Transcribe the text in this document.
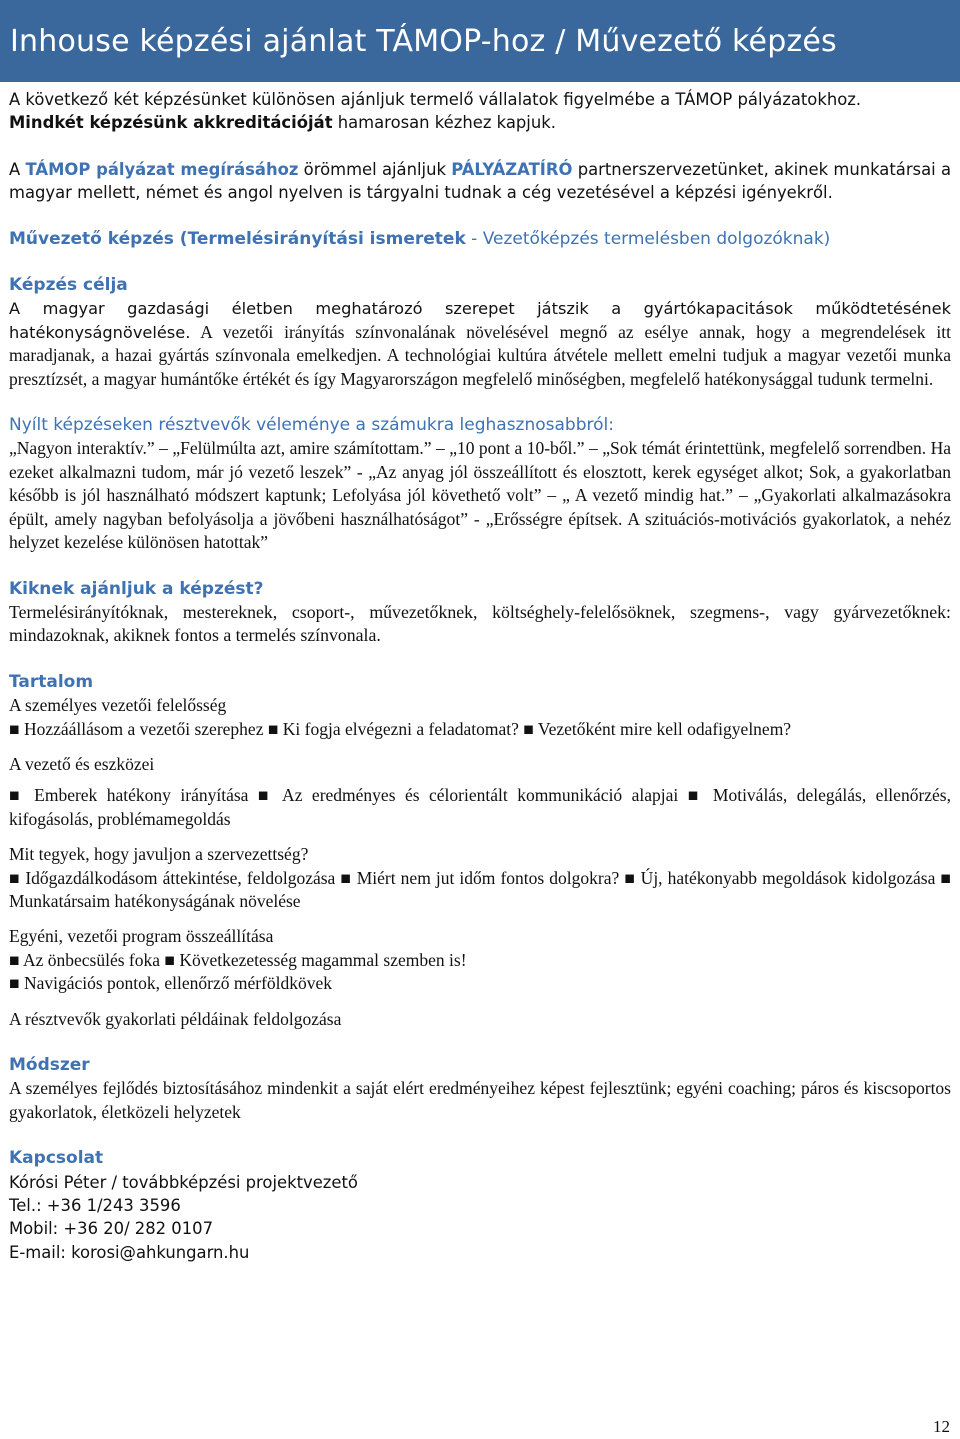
Inhouse képzési ajánlat TÁMOP-hoz / Művezető képzés

A következő két képzésünket különösen ajánljuk termelő vállalatok figyelmébe a TÁMOP pályázatokhoz.

Mindkét képzésünk akkreditációját hamarosan kézhez kapjuk.

A TÁMOP pályázat megírásához örömmel ajánljuk PÁLYÁZATÍRÓ partnerszervezetünket, akinek munkatársai a magyar mellett, német és angol nyelven is tárgyalni tudnak a cég vezetésével a képzési igényekről.

Művezető képzés (Termelésirányítási ismeretek - Vezetőképzés termelésben dolgozóknak)

Képzés célja

A magyar gazdasági életben meghatározó szerepet játszik a gyártókapacitások működtetésének hatékonyságnövelése. A vezetői irányítás színvonalának növelésével megnő az esélye annak, hogy a megrendelések itt maradjanak, a hazai gyártás színvonala emelkedjen. A technológiai kultúra átvétele mellett emelni tudjuk a magyar vezetői munka presztízsét, a magyar humántőke értékét és így Magyarországon megfelelő minőségben, megfelelő hatékonysággal tudunk termelni.

Nyílt képzéseken résztvevők véleménye a számukra leghasznosabbról:

„Nagyon interaktív.” – „Felülmúlta azt, amire számítottam.” – „10 pont a 10-ből.” – „Sok témát érintettünk, megfelelő sorrendben. Ha ezeket alkalmazni tudom, már jó vezető leszek” - „Az anyag jól összeállított és elosztott, kerek egységet alkot; Sok, a gyakorlatban később is jól használható módszert kaptunk; Lefolyása jól követhető volt” – „ A vezető mindig hat.” – „Gyakorlati alkalmazásokra épült, amely nagyban befolyásolja a jövőbeni használhatóságot” - „Erősségre építsek. A szituációs-motivációs gyakorlatok, a nehéz helyzet kezelése különösen hatottak”

Kiknek ajánljuk a képzést?

Termelésirányítóknak, mestereknek, csoport-, művezetőknek, költséghely-felelősöknek, szegmens-, vagy gyárvezetőknek: mindazoknak, akiknek fontos a termelés színvonala.

Tartalom

A személyes vezetői felelősség

■ Hozzáállásom a vezetői szerephez ■ Ki fogja elvégezni a feladatomat? ■ Vezetőként mire kell odafigyelnem?

A vezető és eszközei

■ Emberek hatékony irányítása ■ Az eredményes és célorientált kommunikáció alapjai ■ Motiválás, delegálás, ellenőrzés, kifogásolás, problémamegoldás

Mit tegyek, hogy javuljon a szervezettség?

■ Időgazdálkodásom áttekintése, feldolgozása ■ Miért nem jut időm fontos dolgokra? ■ Új, hatékonyabb megoldások kidolgozása ■ Munkatársaim hatékonyságának növelése

Egyéni, vezetői program összeállítása

■ Az önbecsülés foka ■ Következetesség magammal szemben is!

■ Navigációs pontok, ellenőrző mérföldkövek

A résztvevők gyakorlati példáinak feldolgozása

Módszer

A személyes fejlődés biztosításához mindenkit a saját elért eredményeihez képest fejlesztünk; egyéni coaching; páros és kiscsoportos gyakorlatok, életközeli helyzetek

Kapcsolat

Kórósi Péter / továbbképzési projektvezető

Tel.: +36 1/243 3596

Mobil: +36 20/ 282 0107

E-mail: korosi@ahkungarn.hu

12
